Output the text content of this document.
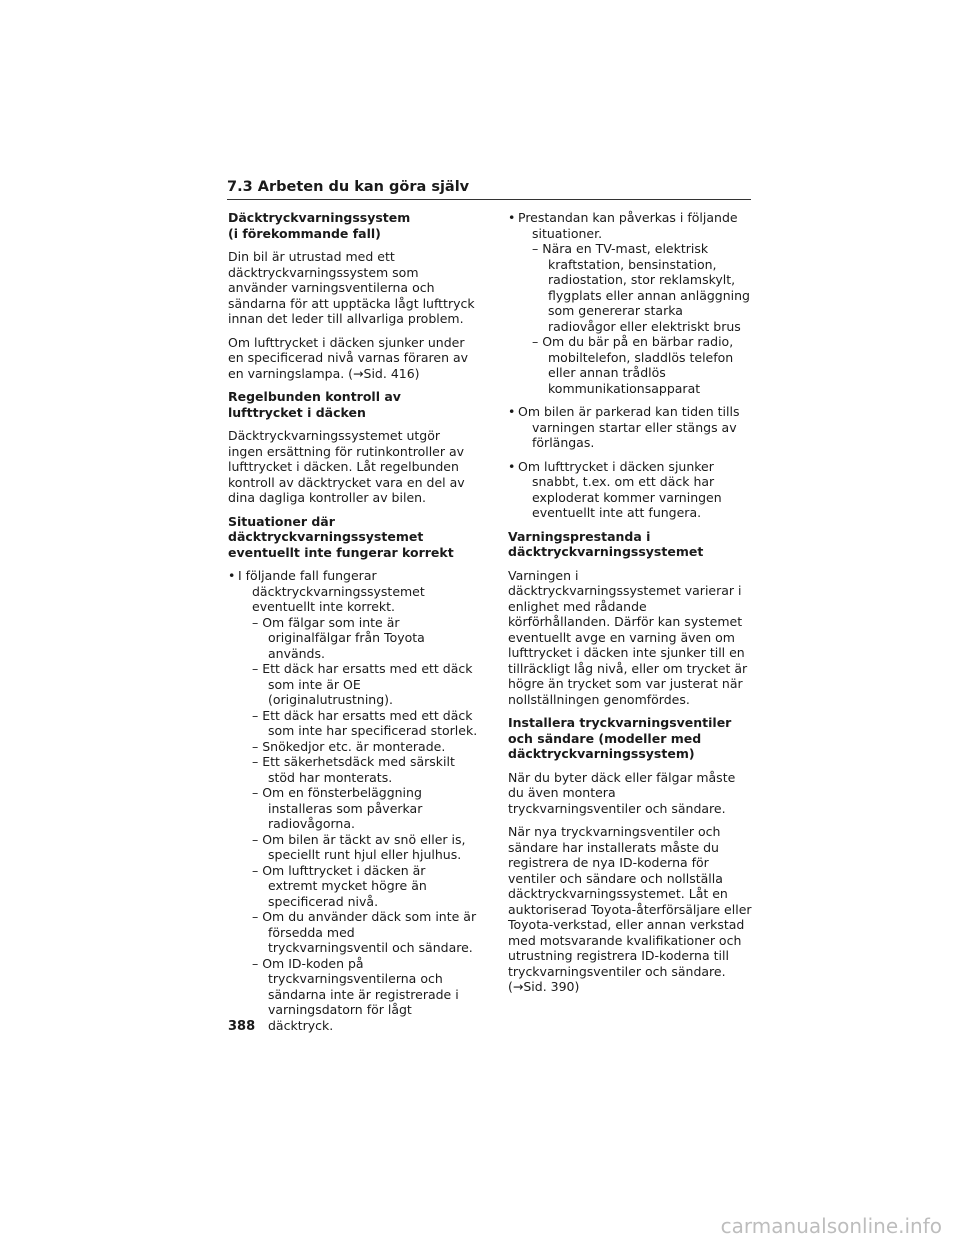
7.3 Arbeten du kan göra själv
Däcktryckvarningssystem
(i förekommande fall)
Din bil är utrustad med ett däcktryckvarningssystem som använder varningsventilerna och sändarna för att upptäcka lågt lufttryck innan det leder till allvarliga problem.
Om lufttrycket i däcken sjunker under en specificerad nivå varnas föraren av en varningslampa. (→Sid. 416)
Regelbunden kontroll av lufttrycket i däcken
Däcktryckvarningssystemet utgör ingen ersättning för rutinkontroller av lufttrycket i däcken. Låt regelbunden kontroll av däcktrycket vara en del av dina dagliga kontroller av bilen.
Situationer där däcktryckvarningssystemet eventuellt inte fungerar korrekt
• I följande fall fungerar däcktryckvarningssystemet eventuellt inte korrekt.
– Om fälgar som inte är originalfälgar från Toyota används.
– Ett däck har ersatts med ett däck som inte är OE (originalutrustning).
– Ett däck har ersatts med ett däck som inte har specificerad storlek.
– Snökedjor etc. är monterade.
– Ett säkerhetsdäck med särskilt stöd har monterats.
– Om en fönsterbeläggning installeras som påverkar radiovågorna.
– Om bilen är täckt av snö eller is, speciellt runt hjul eller hjulhus.
– Om lufttrycket i däcken är extremt mycket högre än specificerad nivå.
– Om du använder däck som inte är försedda med tryckvarningsventil och sändare.
– Om ID-koden på tryckvarningsventilerna och sändarna inte är registrerade i varningsdatorn för lågt däcktryck.
• Prestandan kan påverkas i följande situationer.
– Nära en TV-mast, elektrisk kraftstation, bensinstation, radiostation, stor reklamskylt, flygplats eller annan anläggning som genererar starka radiovågor eller elektriskt brus
– Om du bär på en bärbar radio, mobiltelefon, sladdlös telefon eller annan trådlös kommunikationsapparat
• Om bilen är parkerad kan tiden tills varningen startar eller stängs av förlängas.
• Om lufttrycket i däcken sjunker snabbt, t.ex. om ett däck har exploderat kommer varningen eventuellt inte att fungera.
Varningsprestanda i däcktryckvarningssystemet
Varningen i däcktryckvarningssystemet varierar i enlighet med rådande körförhållanden. Därför kan systemet eventuellt avge en varning även om lufttrycket i däcken inte sjunker till en tillräckligt låg nivå, eller om trycket är högre än trycket som var justerat när nollställningen genomfördes.
Installera tryckvarningsventiler och sändare (modeller med däcktryckvarningssystem)
När du byter däck eller fälgar måste du även montera tryckvarningsventiler och sändare.
När nya tryckvarningsventiler och sändare har installerats måste du registrera de nya ID-koderna för ventiler och sändare och nollställa däcktryckvarningssystemet. Låt en auktoriserad Toyota-återförsäljare eller Toyota-verkstad, eller annan verkstad med motsvarande kvalifikationer och utrustning registrera ID-koderna till tryckvarningsventiler och sändare. (→Sid. 390)
388
carmanualsonline.info
